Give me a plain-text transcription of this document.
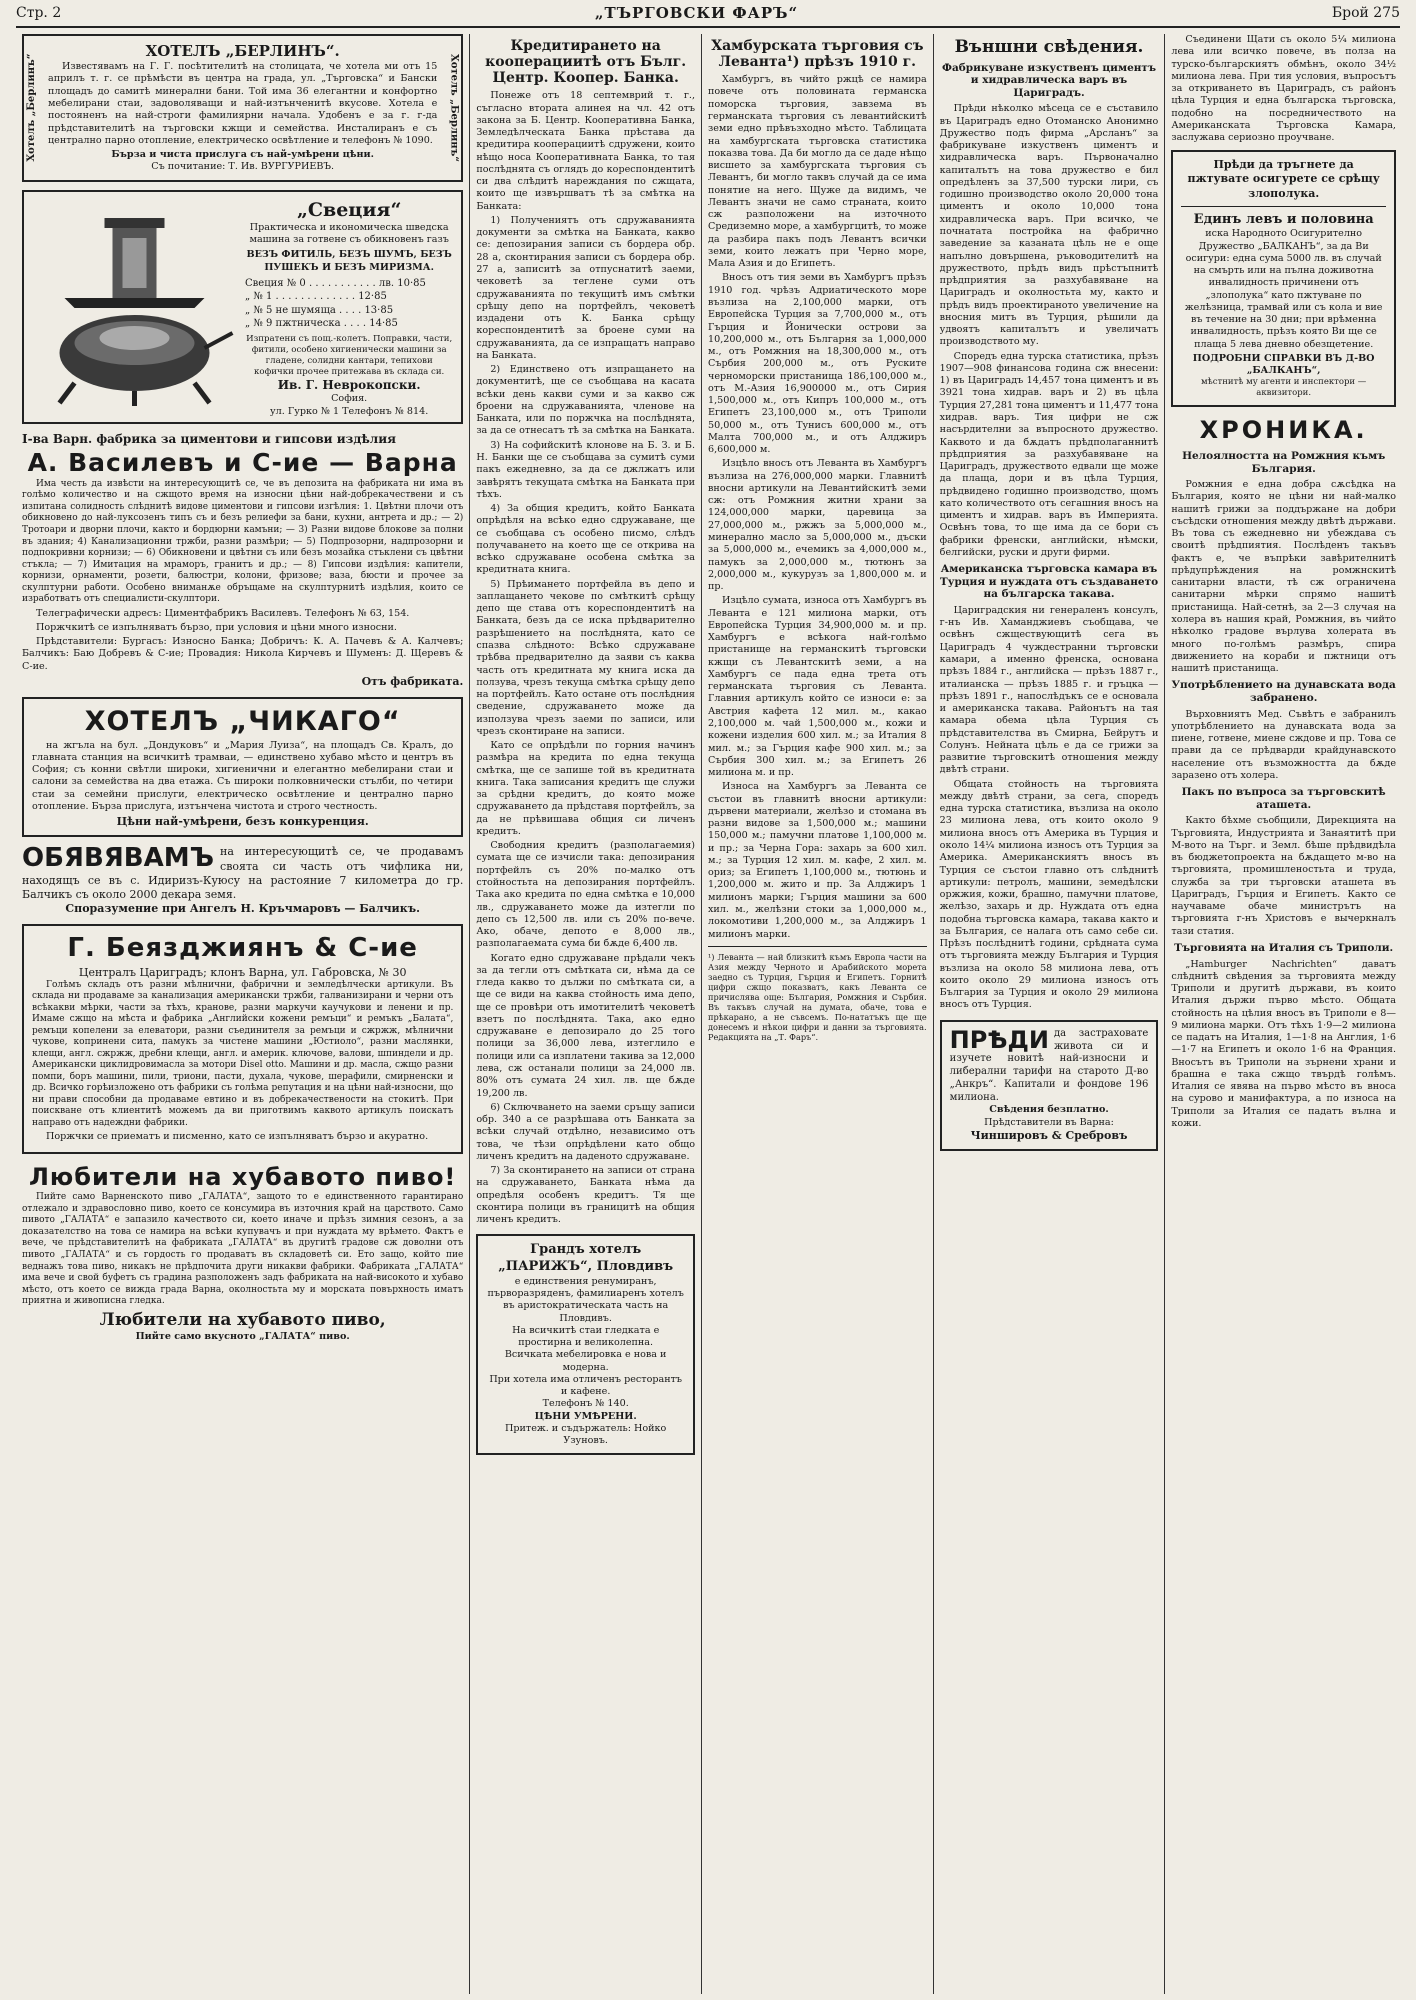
Стр. 2	„ТЪРГОВСКИ ФАРЪ“	Брой 275
Хотелъ „Берлинъ“	Хотелъ „Берлинъ“
ХОТЕЛЪ „БЕРЛИНЪ“.

Известявамъ на Г. Г. посѣтителитѣ на столицата, че хотела ми отъ 15 априлъ т. г. се прѣмѣсти въ центра на града, ул. „Търговска“ и Бански площадъ до самитѣ минерални бани. Той има 36 елегантни и конфортно мебелирани стаи, задоволяващи и най-изтънченитѣ вкусове. Хотела е постояненъ на най-строги фамилиярни начала. Удобенъ е за г. г-да прѣдставителитѣ на търговски кжщи и семейства. Инсталиранъ е съ централно парно отопление, електрическо освѣтление и телефонъ № 1090.

Бърза и чиста прислуга съ най-умѣрени цѣни.
Съ почитание: Т. Ив. ВУРГУРИЕВЪ.
„Свеция“
Практическа и икономическа шведска машина за готвене съ обикновенъ газъ
ВЕЗЪ ФИТИЛЬ, БЕЗЪ ШУМЪ, БЕЗЪ ПУШЕКЪ И БЕЗЪ МИРИЗМА.
Свеция № 0 . . . . . . . . . . . лв. 10·85
„ № 1 . . . . . . . . . . . . . 12·85
„ № 5 не шумяща . . . . 13·85
„ № 9 пжтническа . . . . 14·85
Изпратени съ пощ.-колетъ. Поправки, части, фитили, особено хигиенически машини за гладене, солидни кантари, тепихови кофички прочее притежава въ склада си.
Ив. Г. Неврокопски.
София.
ул. Гурко № 1 Телефонъ № 814.
I-ва Варн. фабрика за циментови и гипсови издѣлия
А. Василевъ и С-ие — Варна

Има честь да извѣсти на интересующитѣ се, че въ депозита на фабриката ни има въ голѣмо количество и на сжщото время на износни цѣни най-добрекачествени и съ изпитана солидность слѣднитѣ видове циментови и гипсови изгѣлия: 1. Цвѣтни плочи отъ обикновено до най-луксозенъ типъ съ и безъ релиефи за бани, кухни, антрета и др.; — 2) Тротоари и дворни плочи, както и бордюрни камъни; — 3) Разни видове блокове за полни въ здания; 4) Канализационни тржби, разни размѣри; — 5) Подпрозорни, надпрозорни и подпокривни корнизи; — 6) Обикновени и цвѣтни съ или безъ мозайка стъклени съ цвѣтни стъкла; — 7) Имитация на мраморъ, гранитъ и др.; — 8) Гипсови издѣлия: капители, корнизи, орнаменти, розети, балюстри, колони, фризове; ваза, бюсти и прочее за скулптурни работи. Особено вниманѫе обръщаме на скулптурнитѣ издѣлия, които се изработватъ отъ специалисти-скулптори.

Телеграфически адресъ: Циментфабрикъ Василевъ. Телефонъ № 63, 154.

Поржчкитѣ се изпълняватъ бързо, при условия и цѣни много износни.

Прѣдставители: Бургасъ: Износно Банка; Добричъ: К. А. Пачевъ & А. Калчевъ; Балчикъ: Баю Добревъ & С-ие; Провадия: Никола Кирчевъ и Шуменъ: Д. Щеревъ & С-ие.

Отъ фабриката.
ХОТЕЛЪ „ЧИКАГО“

на жгъла на бул. „Дондуковъ“ и „Мария Луиза“, на площадъ Св. Кралъ, до главната станция на всичкитѣ трамваи, — единствено хубаво мѣсто и центръ въ София; съ конни свѣтли широки, хигиенични и елегантно мебелирани стаи и салони за семейства на два етажа. Съ широки полковнически стълби, по четири стаи за семейни прислуги, електрическо освѣтление и централно парно отопление. Бърза прислуга, изтънчена чистота и строго честность.

Цѣни най-умѣрени, безъ конкуренция.
ОБЯВЯВАМЪ на интересующитѣ се, че продавамъ своята си часть отъ чифлика ни, находящъ се въ с. Идиризъ-Куюсу на растояние 7 километра до гр. Балчикъ съ около 2000 декара земя.
Споразумение при Ангелъ Н. Кръчмаровъ — Балчикъ.
Г. Беязджиянъ & С-ие
Централъ Цариградъ; клонъ Варна, ул. Габровска, № 30

Голѣмъ складъ отъ разни мѣлнични, фабрични и земледѣлчески артикули. Въ склада ни продаваме за канализация американски тржби, галванизирани и черни отъ всѣкакви мѣрки, части за тѣхъ, кранове, разни маркучи каучукови и ленени и пр. Имаме сжщо на мѣста и фабрика „Английски кожени ремъци“ и ремъкъ „Балата“, ремъци копелени за елеватори, разни съединителя за ремъци и сжржж, мѣлнични чукове, копринени сита, памукъ за чистене машини „Юстиоло“, разни маслянки, клещи, англ. сжржж, дребни клещи, англ. и америк. ключове, валови, шпиндели и др. Американски циклидровимасла за мотори Disel otto. Машини и др. масла, сжщо разни помпи, боръ машини, пили, триони, пасти, духала, чукове, шерафили, смирненски и др. Всичко горѣизложено отъ фабрики съ голѣма репутация и на цѣни най-износни, що ни прави способни да продаваме евтино и въ добрекачествености на стокитѣ. При поискване отъ клиентитѣ можемъ да ви приготвимъ каквото артикулъ поискатъ направо отъ надеждни фабрики.

Поржчки се приематъ и писменно, като се изпълняватъ бързо и акуратно.

Любители на хубавото пиво!

Пийте само Варненското пиво „ГАЛАТА“, защото то е единственното гарантирано отлежало и здравословно пиво, което се консумира въ източния край на царството. Само пивото „ГАЛАТА“ е запазило качеството си, което иначе и прѣзъ зимния сезонъ, а за доказателство на това се намира на всѣки купувачъ и при нуждата му врѣмето. Фактъ е вече, че прѣдставителитѣ на фабриката „ГАЛАТА“ въ другитѣ градове сж доволни отъ пивото „ГАЛАТА“ и съ гордость го продаватъ въ складоветѣ си. Ето защо, който пие веднажъ това пиво, никакъ не прѣдпочита други никакви фабрики. Фабриката „ГАЛАТА“ има вече и свой буфетъ съ градина разположенъ задъ фабриката на най-високото и хубаво мѣсто, отъ което се вижда града Варна, околностьта му и морската повърхность иматъ приятна и живописна гледка.

Любители на хубавото пиво,
Пийте само вкусното „ГАЛАТА“ пиво.
Кредитирането на кооперациитѣ отъ Бълг. Центр. Коопер. Банка.

Понеже отъ 18 септемврий т. г., съгласно втората алинея на чл. 42 отъ закона за Б. Центр. Кооперативна Банка, Земледѣлческата Банка прѣстава да кредитира кооперациитѣ сдружени, които нѣщо носа Кооперативната Банка, то тая послѣднята съ оглядъ до кореспондентитѣ си два слѣдитѣ нареждания по сжщата, които ще извършватъ тѣ за смѣтка на Банката:

1) Получениятъ отъ сдружаванията документи за смѣтка на Банката, какво се: депозирания записи съ бордера обр. 28 а, сконтирания записи съ бордера обр. 27 а, записитѣ за отпуснатитѣ заеми, чековетѣ за теглене суми отъ сдружаванията по текущитѣ имъ смѣтки срѣщу депо на портфейлъ, чековетѣ издадени отъ К. Банка срѣщу кореспондентитѣ за броене суми на сдружаванията, да се изпращатъ направо на Банката.

2) Единствено отъ изпращането на документитѣ, ще се съобщава на касата всѣки день какви суми и за какво сж броени на сдружаванията, членове на Банката, или по поржчка на послѣднята, за да се отнесатъ тѣ за смѣтка на Банката.

3) На софийскитѣ клонове на Б. З. и Б. Н. Банки ще се съобщава за сумитѣ суми пакъ ежедневно, за да се джлжатъ или завѣрятъ текущата смѣтка на Банката при тѣхъ.

4) За общия кредитъ, който Банката опрѣдѣля на всѣко едно сдружаване, ще се съобщава съ особено писмо, слѣдъ получаването на което ще се открива на всѣко сдружаване особена смѣтка за кредитната книга.

5) Прѣимането портфейла въ депо и заплащането чекове по смѣткитѣ срѣщу депо ще става отъ кореспондентитѣ на Банката, безъ да се иска прѣдварително разрѣшението на послѣднята, като се спазва слѣдното: Всѣко сдружаване трѣбва предварително да заяви съ каква часть отъ кредитната му книга иска да ползува, чрезъ текуща смѣтка срѣщу депо на портфейлъ. Като остане отъ послѣдния сведение, сдружаването може да използува чрезъ заеми по записи, или чрезъ сконтиране на записи.

Като се опрѣдѣли по горния начинъ размѣра на кредита по една текуща смѣтка, ще се запише той въ кредитната книга. Така записания кредитъ ще служи за срѣдни кредитъ, до която може сдружаването да прѣдставя портфейлъ, за да не прѣвишава общия си личенъ кредитъ.

Свободния кредитъ (разполагаемия) сумата ще се изчисли така: депозирания портфейлъ съ 20% по-малко отъ стойностьта на депозирания портфейлъ. Така ако кредита по една смѣтка е 10,000 лв., сдружаването може да изтегли по депо съ 12,500 лв. или съ 20% по-вече. Ако, обаче, депото е 8,000 лв., разполагаемата сума би бѫде 6,400 лв.

Когато едно сдружаване прѣдали чекъ за да тегли отъ смѣтката си, нѣма да се гледа какво то дължи по смѣтката си, а ще се види на каква стойность има депо, ще се провѣри отъ имотителитѣ чековетѣ взетъ по послѣднята. Така, ако едно сдружаване е депозирало до 25 того полици за 36,000 лева, изтеглило е полици или са изплатени такива за 12,000 лева, сж останали полици за 24,000 лв. 80% отъ сумата 24 хил. лв. ще бѫде 19,200 лв.

6) Сключването на заеми сръщу записи обр. 340 а се разрѣшава отъ Банката за всѣки случай отдѣлно, независимо отъ това, че тѣзи опрѣдѣлени като общо личенъ кредитъ на даденото сдружаване.

7) За сконтирането на записи от страна на сдружаването, Банката нѣма да опредѣля особенъ кредитъ. Тя ще сконтира полици въ границитѣ на общия личенъ кредитъ.

Грандъ хотелъ „ПАРИЖЪ“, Пловдивъ
е единствения ренумиранъ, първоразряденъ, фамилиаренъ хотелъ въ аристократическата часть на Пловдивъ.
На всичкитѣ стаи гледката е простирна и великолепна.
Всичката мебелировка е нова и модерна.
При хотела има отличенъ ресторантъ и кафене.
Телефонъ № 140.
ЦѢНИ УМѢРЕНИ.
Притеж. и съдържатель: Нойко Узуновъ.
Хамбурската търговия съ Левантa¹) прѣзъ 1910 г.

Хамбургъ, въ чийто ржцѣ се намира повече отъ половината германска поморска търговия, завзема въ германската търговия съ левантийскитѣ земи едно прѣвъзходно мѣсто. Таблицата на хамбургската търговска статистика показва това. Да би могло да се даде нѣщо висшето за хамбургската търговия съ Левантъ, би могло таквъ случай да се има понятие на него. Щуже да видимъ, че Левантъ значи не само страната, които сж разположени на източното Средиземно море, а хамбургцитѣ, то може да разбира пакъ подъ Левантъ всички земи, които лежатъ при Черно море, Мала Азия и до Египетъ.

Вносъ отъ тия земи въ Хамбургъ прѣзъ 1910 год. чрѣзъ Адриатическото море възлиза на 2,100,000 марки, отъ Европейска Турция за 7,700,000 м., отъ Гърция и Йонически острови за 10,200,000 м., отъ Българня за 1,000,000 м., отъ Ромжния на 18,300,000 м., отъ Сърбия 200,000 м., отъ Руските черноморски пристанища 186,100,000 м., отъ М.-Азия 16,900000 м., отъ Сирия 1,500,000 м., отъ Кипръ 100,000 м., отъ Египетъ 23,100,000 м., отъ Триполи 50,000 м., отъ Тунисъ 600,000 м., отъ Малта 700,000 м., и отъ Алджиръ 6,600,000 м.

Изцѣло вносъ отъ Левантa въ Хамбургъ възлиза на 276,000,000 марки. Главнитѣ вносни артикули на Левантийскитѣ земи сж: отъ Ромжния житни храни за 124,000,000 марки, царевица за 27,000,000 м., ржжъ за 5,000,000 м., минерално масло за 5,000,000 м., дъски за 5,000,000 м., ечемикъ за 4,000,000 м., памукъ за 2,000,000 м., тютюнъ за 2,000,000 м., кукурузъ за 1,800,000 м. и пр.

Изцѣло сумата, износа отъ Хамбургъ въ Левантa е 121 милиона марки, отъ Европейска Турция 34,900,000 м. и пр. Хамбургъ е всѣкога най-голѣмо пристанище на германскитѣ търговски кжщи съ Левантскитѣ земи, а на Хамбургъ се пада една трета отъ германската търговия съ Левантa. Главния артикулъ който се износи е: за Австрия кафета 12 мил. м., какао 2,100,000 м. чай 1,500,000 м., кожи и кожени изделия 600 хил. м.; за Италия 8 мил. м.; за Гърция кафе 900 хил. м.; за Сърбия 300 хил. м.; за Египетъ 26 милиона м. и пр.

Износа на Хамбургъ за Левантa се състои въ главнитѣ вносни артикули: дървени материали, желѣзо и стомана въ разни видове за 1,500,000 м.; машини 150,000 м.; памучни платове 1,100,000 м. и пр.; за Черна Гора: захарь за 600 хил. м.; за Турция 12 хил. м. кафе, 2 хил. м. ориз; за Египетъ 1,100,000 м., тютюнь и 1,200,000 м. жито и пр. За Алджиръ 1 милионъ марки; Гърция машини за 600 хил. м., желѣзни стоки за 1,000,000 м., локомотиви 1,200,000 м., за Алджиръ 1 милионъ марки.

¹) Левантa — най близкитѣ къмъ Европа части на Азия между Черното и Арабийското морета заедно съ Турция, Гърция и Египетъ. Горнитѣ цифри сжщо показватъ, какъ Левантa се причислява още: България, Ромжния и Сърбия. Въ такъвъ случай на думата, обаче, това е прѣкарано, а не съвсемъ. По-нататъкъ ще ще донесемъ и нѣкои цифри и данни за търговията. Редакцията на „Т. Фаръ“.
Външни свѣдения.
Фабрикуване изкуственъ циментъ и хидравлическа варъ въ Цариградъ.

Прѣди нѣколко мѣсеца се е съставило въ Цариградъ едно Отоманско Анонимно Дружество подъ фирма „Арсланъ“ за фабрикуване изкуственъ циментъ и хидравлическа варъ. Първоначално капиталътъ на това дружество е бил опредѣленъ за 37,500 турски лири, съ годишно производство около 20,000 тона циментъ и около 10,000 тона хидравлическа варъ. При всичко, че почнатата постройка на фабрично заведение за казаната цѣль не е още напълно довършена, ръководителитѣ на дружеството, прѣдъ видъ прѣстъпнитѣ прѣдприятия за разхубавяване на Цариградъ и околностьта му, както и прѣдъ видъ проектираното увеличение на вносния митъ въ Турция, рѣшили да удвоятъ капиталътъ и увеличатъ производството му.

Споредъ една турска статистика, прѣзъ 1907—908 финансова година сж внесени: 1) въ Цариградъ 14,457 тона циментъ и въ 3921 тона хидрав. варъ и 2) въ цѣла Турция 27,281 тона циментъ и 11,477 тона хидрав. варъ. Тия цифри не сж насърдителни за въпросното дружество. Каквото и да бѫдатъ прѣдполаганнитѣ прѣдприятия за разхубавяване на Цариградъ, дружеството едвали ще може да плаща, дори и въ цѣла Турция, прѣдвидено годишно производство, щомъ като количеството отъ сегашния вносъ на циментъ и хидрав. варъ въ Империята. Освѣнъ това, то ще има да се бори съ фабрики френски, английски, нѣмски, белгийски, руски и други фирми.

Американска търговска камара въ Турция и нуждата отъ създаването на българска такава.

Цариградския ни генераленъ консулъ, г-нъ Ив. Хаманджиевъ съобщава, че освѣнъ сжществующитѣ сега въ Цариградъ 4 чуждестранни търговски камари, а именно френска, основана прѣзъ 1884 г., английска — прѣзъ 1887 г., италианска — прѣзъ 1885 г. и гръцка — прѣзъ 1891 г., напослѣдъкъ се е основала и американска такава. Районътъ на тая камара обема цѣла Турция съ прѣдставителства въ Смирна, Бейрутъ и Солунъ. Нейната цѣль е да се грижи за развитие търговскитѣ отношения между двѣтѣ страни.

Общата стойность на търговията между двѣтѣ страни, за сега, споредъ една турска статистика, възлиза на около 23 милиона лева, отъ които около 9 милиона вносъ отъ Америка въ Турция и около 14¼ милиона износъ отъ Турция за Америка. Американскиятъ вносъ въ Турция се състои главно отъ слѣднитѣ артикули: петролъ, машини, земедѣлски оржжия, кожи, брашно, памучни платове, желѣзо, захарь и др. Нуждата отъ една подобна търговска камара, такава както и за България, се налага отъ само себе си. Прѣзъ послѣднитѣ години, срѣдната сума отъ търговията между България и Турция възлиза на около 58 милиона лева, отъ които около 29 милиона износъ отъ България за Турция и около 29 милиона вносъ отъ Турция.

ПРѢДИ да застраховате живота си и изучете новитѣ най-износни и либерални тарифи на старото Д-во „Анкръ“. Капитали и фондове 196 милиона.
Свѣдения безплатно.
Прѣдставители въ Варна:
Чиншировъ & Сребровъ

Съединени Щати съ около 5¼ милиона лева или всичко повече, въ полза на турско-българскиятъ обмѣнъ, около 34½ милиона лева. При тия условия, въпросътъ за откриването въ Цариградъ, съ районъ цѣла Турция и една българска търговска, подобно на посредничеството на Американската Търговска Камара, заслужава сериозно проучване.

Прѣди да тръгнете да пжтувате осигурете се срѣщу злополука.
Единъ левъ и половина

иска Народното Осигурително Дружество „БАЛКАНЪ“, за да Ви осигури: една сума 5000 лв. въ случай на смърть или на пълна доживотна инвалидность причинени отъ „злополука“ като пжтуване по желѣзница, трамвай или съ кола и вие въ течение на 30 дни; при врѣменна инвалидность, прѣзъ която Ви ще се плаща 5 лева дневно обезщетение.

ПОДРОБНИ СПРАВКИ ВЪ Д-ВО „БАЛКАНЪ“,
мѣстнитѣ му агенти и инспектори — аквизитори.
ХРОНИКА.
Нелоялността на Ромжния къмъ България.

Ромжния е една добра сѫсѣдка на България, която не цѣни ни най-малко нашитѣ грижи за поддържане на добри съсѣдски отношения между двѣтѣ държави. Въ това съ ежедневно ни убеждава съ своитѣ прѣдпиятия. Послѣденъ такъвъ фактъ е, че въпрѣки завѣрителнитѣ прѣдупрѣждения на ромжнскитѣ санитарни власти, тѣ сж ограничена санитарни мѣрки спрямо нашитѣ пристанища. Най-сетнѣ, за 2—3 случая на холера въ нашия край, Ромжния, въ чийто нѣколко градове върлува холерата въ много по-голѣмъ размѣръ, спира движението на кораби и пжтници отъ нашитѣ пристанища.

Употрѣблението на дунавската вода забранено.

Върховниятъ Мед. Съвѣтъ е забранилъ употрѣблението на дунавската вода за пиене, готвене, миене сждове и пр. Това се прави да се прѣдварди крайдунавското население отъ възможността да бѫде заразено отъ холера.

Пакъ по въпроса за търговскитѣ аташета.

Както бѣхме съобщили, Дирекцията на Търговията, Индустрията и Занаятитѣ при М-вото на Търг. и Земл. бѣше прѣдвидѣла въ бюджетопроекта на бѫдащето м-во на търговията, промишленостьта и труда, служба за три търговски аташета въ Цариградъ, Гърция и Египетъ. Както се научаваме обаче министрътъ на търговията г-нъ Христовъ е вычеркналъ тази статия.

Търговията на Италия съ Триполи.

„Hamburger Nachrichten“ даватъ слѣднитѣ свѣдения за търговията между Триполи и другитѣ държави, въ които Италия държи първо мѣсто. Общата стойность на цѣлия вносъ въ Триполи е 8—9 милиона марки. Отъ тѣхъ 1·9—2 милиона се падатъ на Италия, 1—1·8 на Англия, 1·6—1·7 на Египетъ и около 1·6 на Франция. Вносътъ въ Триполи на зърнени храни и брашна е така сжщо твърдѣ голѣмъ. Италия се явява на първо мѣсто въ вноса на сурово и манифактура, а по износа на Триполи за Италия се падатъ вълна и кожи.
